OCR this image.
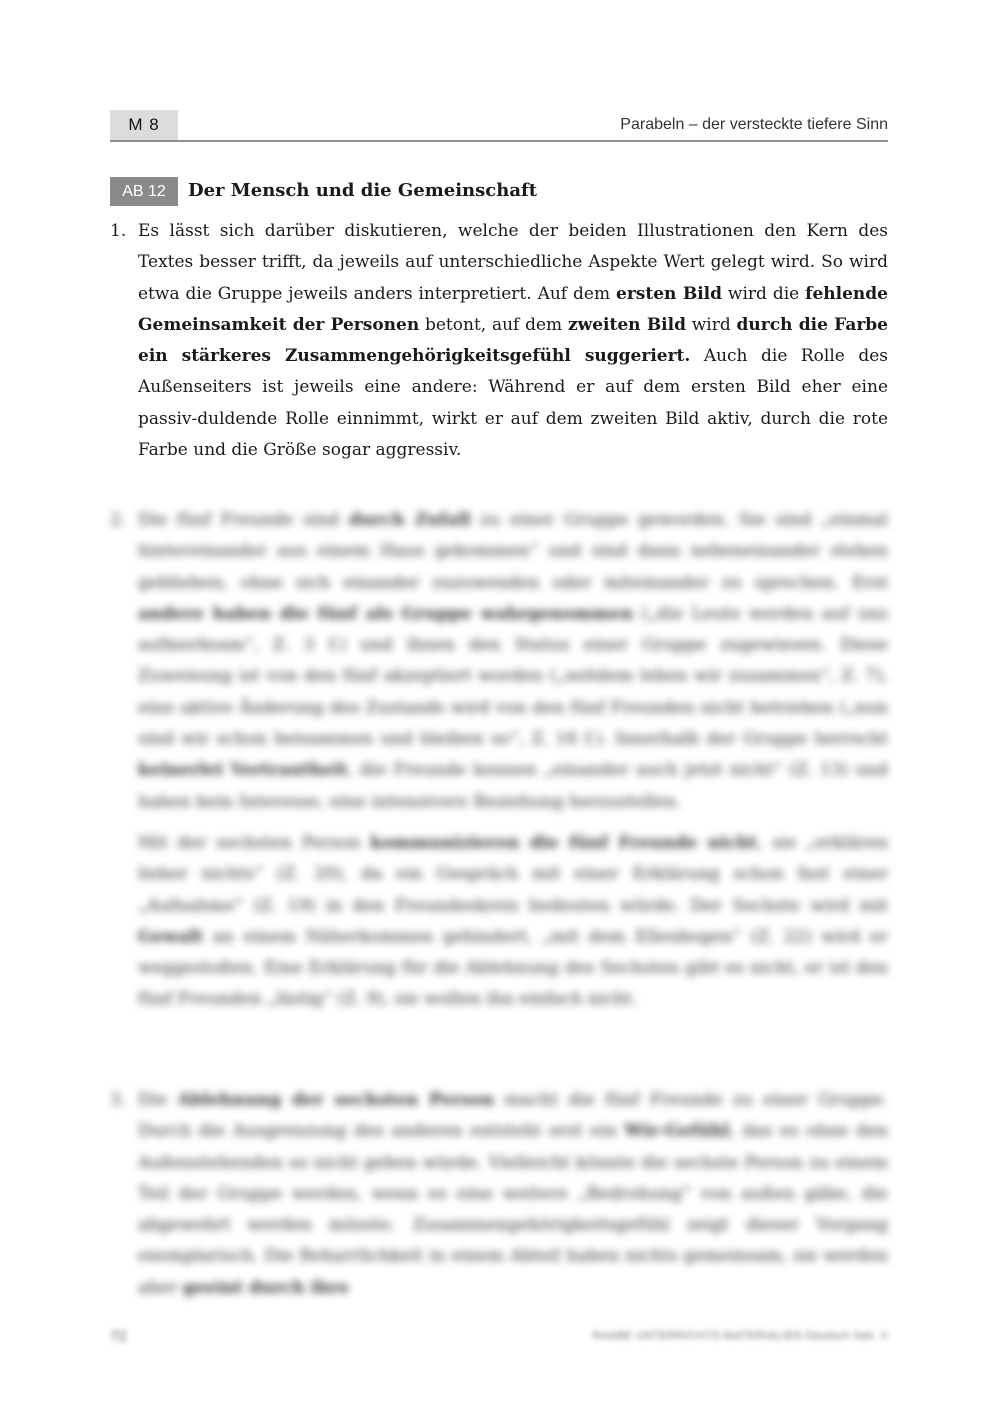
M 8	Parabeln – der versteckte tiefere Sinn
AB 12	Der Mensch und die Gemeinschaft
1. Es lässt sich darüber diskutieren, welche der beiden Illustrationen den Kern des Textes besser trifft, da jeweils auf unterschiedliche Aspekte Wert gelegt wird. So wird etwa die Gruppe jeweils anders interpretiert. Auf dem ersten Bild wird die fehlende Gemeinsamkeit der Personen betont, auf dem zweiten Bild wird durch die Farbe ein stärkeres Zusammengehörigkeitsgefühl suggeriert. Auch die Rolle des Außenseiters ist jeweils eine andere: Während er auf dem ersten Bild eher eine passiv-duldende Rolle einnimmt, wirkt er auf dem zweiten Bild aktiv, durch die rote Farbe und die Größe sogar aggressiv.
2. Die fünf Freunde sind durch Zufall zu einer Gruppe geworden. Sie sind „einmal hintereinander aus einem Haus gekommen“ und sind dann nebeneinander stehen geblieben, ohne sich einander zuzuwenden oder miteinander zu sprechen. Erst andere haben die fünf als Gruppe wahrgenommen („die Leute werden auf uns aufmerksam“, Z. 3 f.) und ihnen den Status einer Gruppe zugewiesen. Diese Zuweisung ist von den fünf akzeptiert worden („seitdem leben wir zusammen“, Z. 7), eine aktive Änderung des Zustands wird von den fünf Freunden nicht betrieben („nun sind wir schon beisammen und bleiben so“, Z. 16 f.). Innerhalb der Gruppe herrscht keinerlei Vertrautheit, die Freunde kennen „einander auch jetzt nicht“ (Z. 13) und haben kein Interesse, eine intensivere Beziehung herzustellen.
Mit der sechsten Person kommunizieren die fünf Freunde nicht, sie „erklären lieber nichts“ (Z. 20), da ein Gespräch mit einer Erklärung schon fast einer „Aufnahme“ (Z. 19) in den Freundeskreis bedeuten würde. Der Sechste wird mit Gewalt an einem Näherkommen gehindert, „mit dem Ellenbogen“ (Z. 22) wird er weggestoßen. Eine Erklärung für die Ablehnung des Sechsten gibt es nicht, er ist den fünf Freunden „lästig“ (Z. 9), sie wollen ihn einfach nicht.
3. Die Ablehnung der sechsten Person macht die fünf Freunde zu einer Gruppe. Durch die Ausgrenzung des anderen entsteht erst ein Wir-Gefühl, das es ohne den Außenstehenden so nicht geben würde. Vielleicht könnte die sechste Person zu einem Teil der Gruppe werden, wenn es eine weitere „Bedrohung“ von außen gäbe, die abgewehrt werden müsste. Zusammengehörigkeitsgefühl zeigt dieser Vorgang exemplarisch. Die Beharrlichkeit in einem Abteil haben nichts gemeinsam, sie werden aber geeint durch ihre
72	RAABE UNTERRICHTS-MATERIALIEN Deutsch Sek. II
